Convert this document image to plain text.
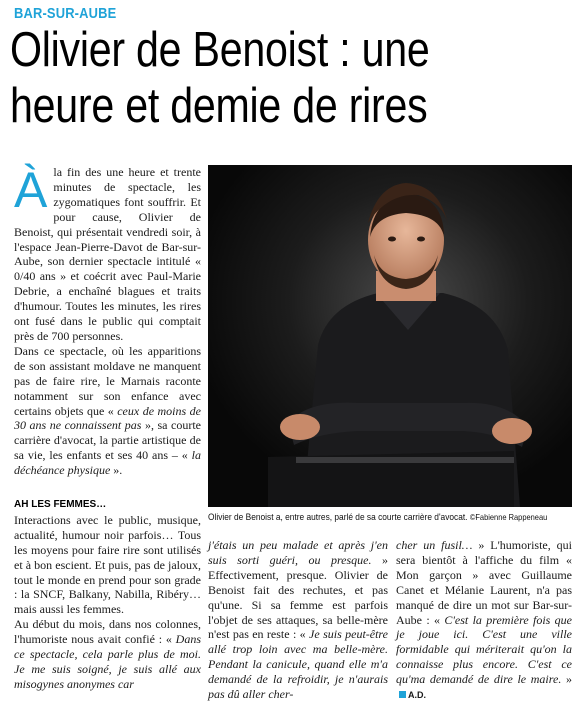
BAR-SUR-AUBE
Olivier de Benoist : une
heure et demie de rires

Àla fin des une heure et trente minutes de spectacle, les zygomatiques font souffrir. Et pour cause, Olivier de Benoist, qui présentait vendredi soir, à l'espace Jean-Pierre-Davot de Bar-sur-Aube, son dernier spectacle intitulé « 0/40 ans » et coécrit avec Paul-Marie Debrie, a enchaîné blagues et traits d'humour. Toutes les minutes, les rires ont fusé dans le public qui comptait près de 700 personnes.

Dans ce spectacle, où les apparitions de son assistant moldave ne manquent pas de faire rire, le Marnais raconte notamment sur son enfance avec certains objets que « ceux de moins de 30 ans ne connaissent pas », sa courte carrière d'avocat, la partie artistique de sa vie, les enfants et ses 40 ans – « la déchéance physique ».

AH LES FEMMES…

Interactions avec le public, musique, actualité, humour noir parfois… Tous les moyens pour faire rire sont utilisés et à bon escient. Et puis, pas de jaloux, tout le monde en prend pour son grade : la SNCF, Balkany, Nabilla, Ribéry… mais aussi les femmes.

Au début du mois, dans nos colonnes, l'humoriste nous avait confié : « Dans ce spectacle, cela parle plus de moi. Je me suis soigné, je suis allé aux misogynes anonymes car

Olivier de Benoist a, entre autres, parlé de sa courte carrière d'avocat. ©Fabienne Rappeneau

j'étais un peu malade et après j'en suis sorti guéri, ou presque. » Effectivement, presque. Olivier de Benoist fait des rechutes, et pas qu'une. Si sa femme est parfois l'objet de ses attaques, sa belle-mère n'est pas en reste : « Je suis peut-être allé trop loin avec ma belle-mère. Pendant la canicule, quand elle m'a demandé de la refroidir, je n'aurais pas dû aller cher-

cher un fusil… » L'humoriste, qui sera bientôt à l'affiche du film « Mon garçon » avec Guillaume Canet et Mélanie Laurent, n'a pas manqué de dire un mot sur Bar-sur-Aube : « C'est la première fois que je joue ici. C'est une ville formidable qui mériterait qu'on la connaisse plus encore. C'est ce qu'ma demandé de dire le maire. »A.D.
